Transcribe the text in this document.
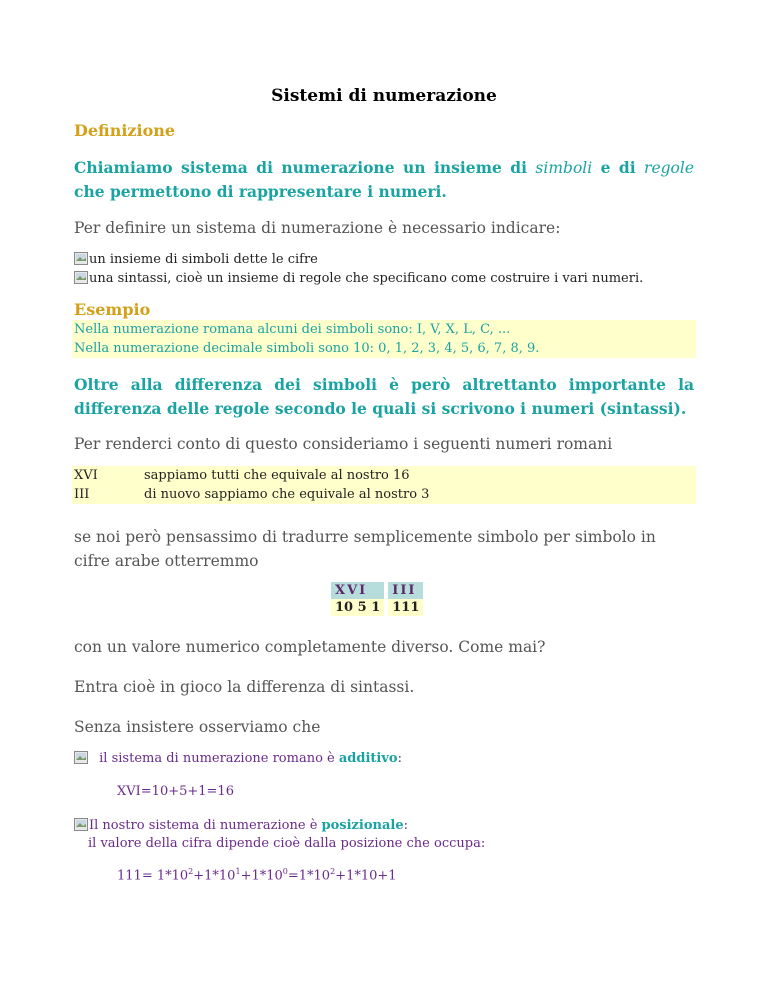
Sistemi di numerazione
Definizione
Chiamiamo sistema di numerazione un insieme di simboli e di regole che permettono di rappresentare i numeri.
Per definire un sistema di numerazione è necessario indicare:
un insieme di simboli dette le cifre
una sintassi, cioè un insieme di regole che specificano come costruire i vari numeri.
Esempio
Nella numerazione romana alcuni dei simboli sono: I, V, X, L, C, ...
Nella numerazione decimale simboli sono 10: 0, 1, 2, 3, 4, 5, 6, 7, 8, 9.
Oltre alla differenza dei simboli è però altrettanto importante la differenza delle regole secondo le quali si scrivono i numeri (sintassi).
Per renderci conto di questo consideriamo i seguenti numeri romani
XVI	sappiamo tutti che equivale al nostro 16
III	di nuovo sappiamo che equivale al nostro 3
se noi però pensassimo di tradurre semplicemente simbolo per simbolo in cifre arabe otterremmo
XVI		III
10 5 1		111
con un valore numerico completamente diverso. Come mai?
Entra cioè in gioco la differenza di sintassi.
Senza insistere osserviamo che
il sistema di numerazione romano è additivo:
XVI=10+5+1=16
Il nostro sistema di numerazione è posizionale:
il valore della cifra dipende cioè dalla posizione che occupa:
$111= 1*10^2+1*10^1+1*10^0=1*10^2+1*10+1$
